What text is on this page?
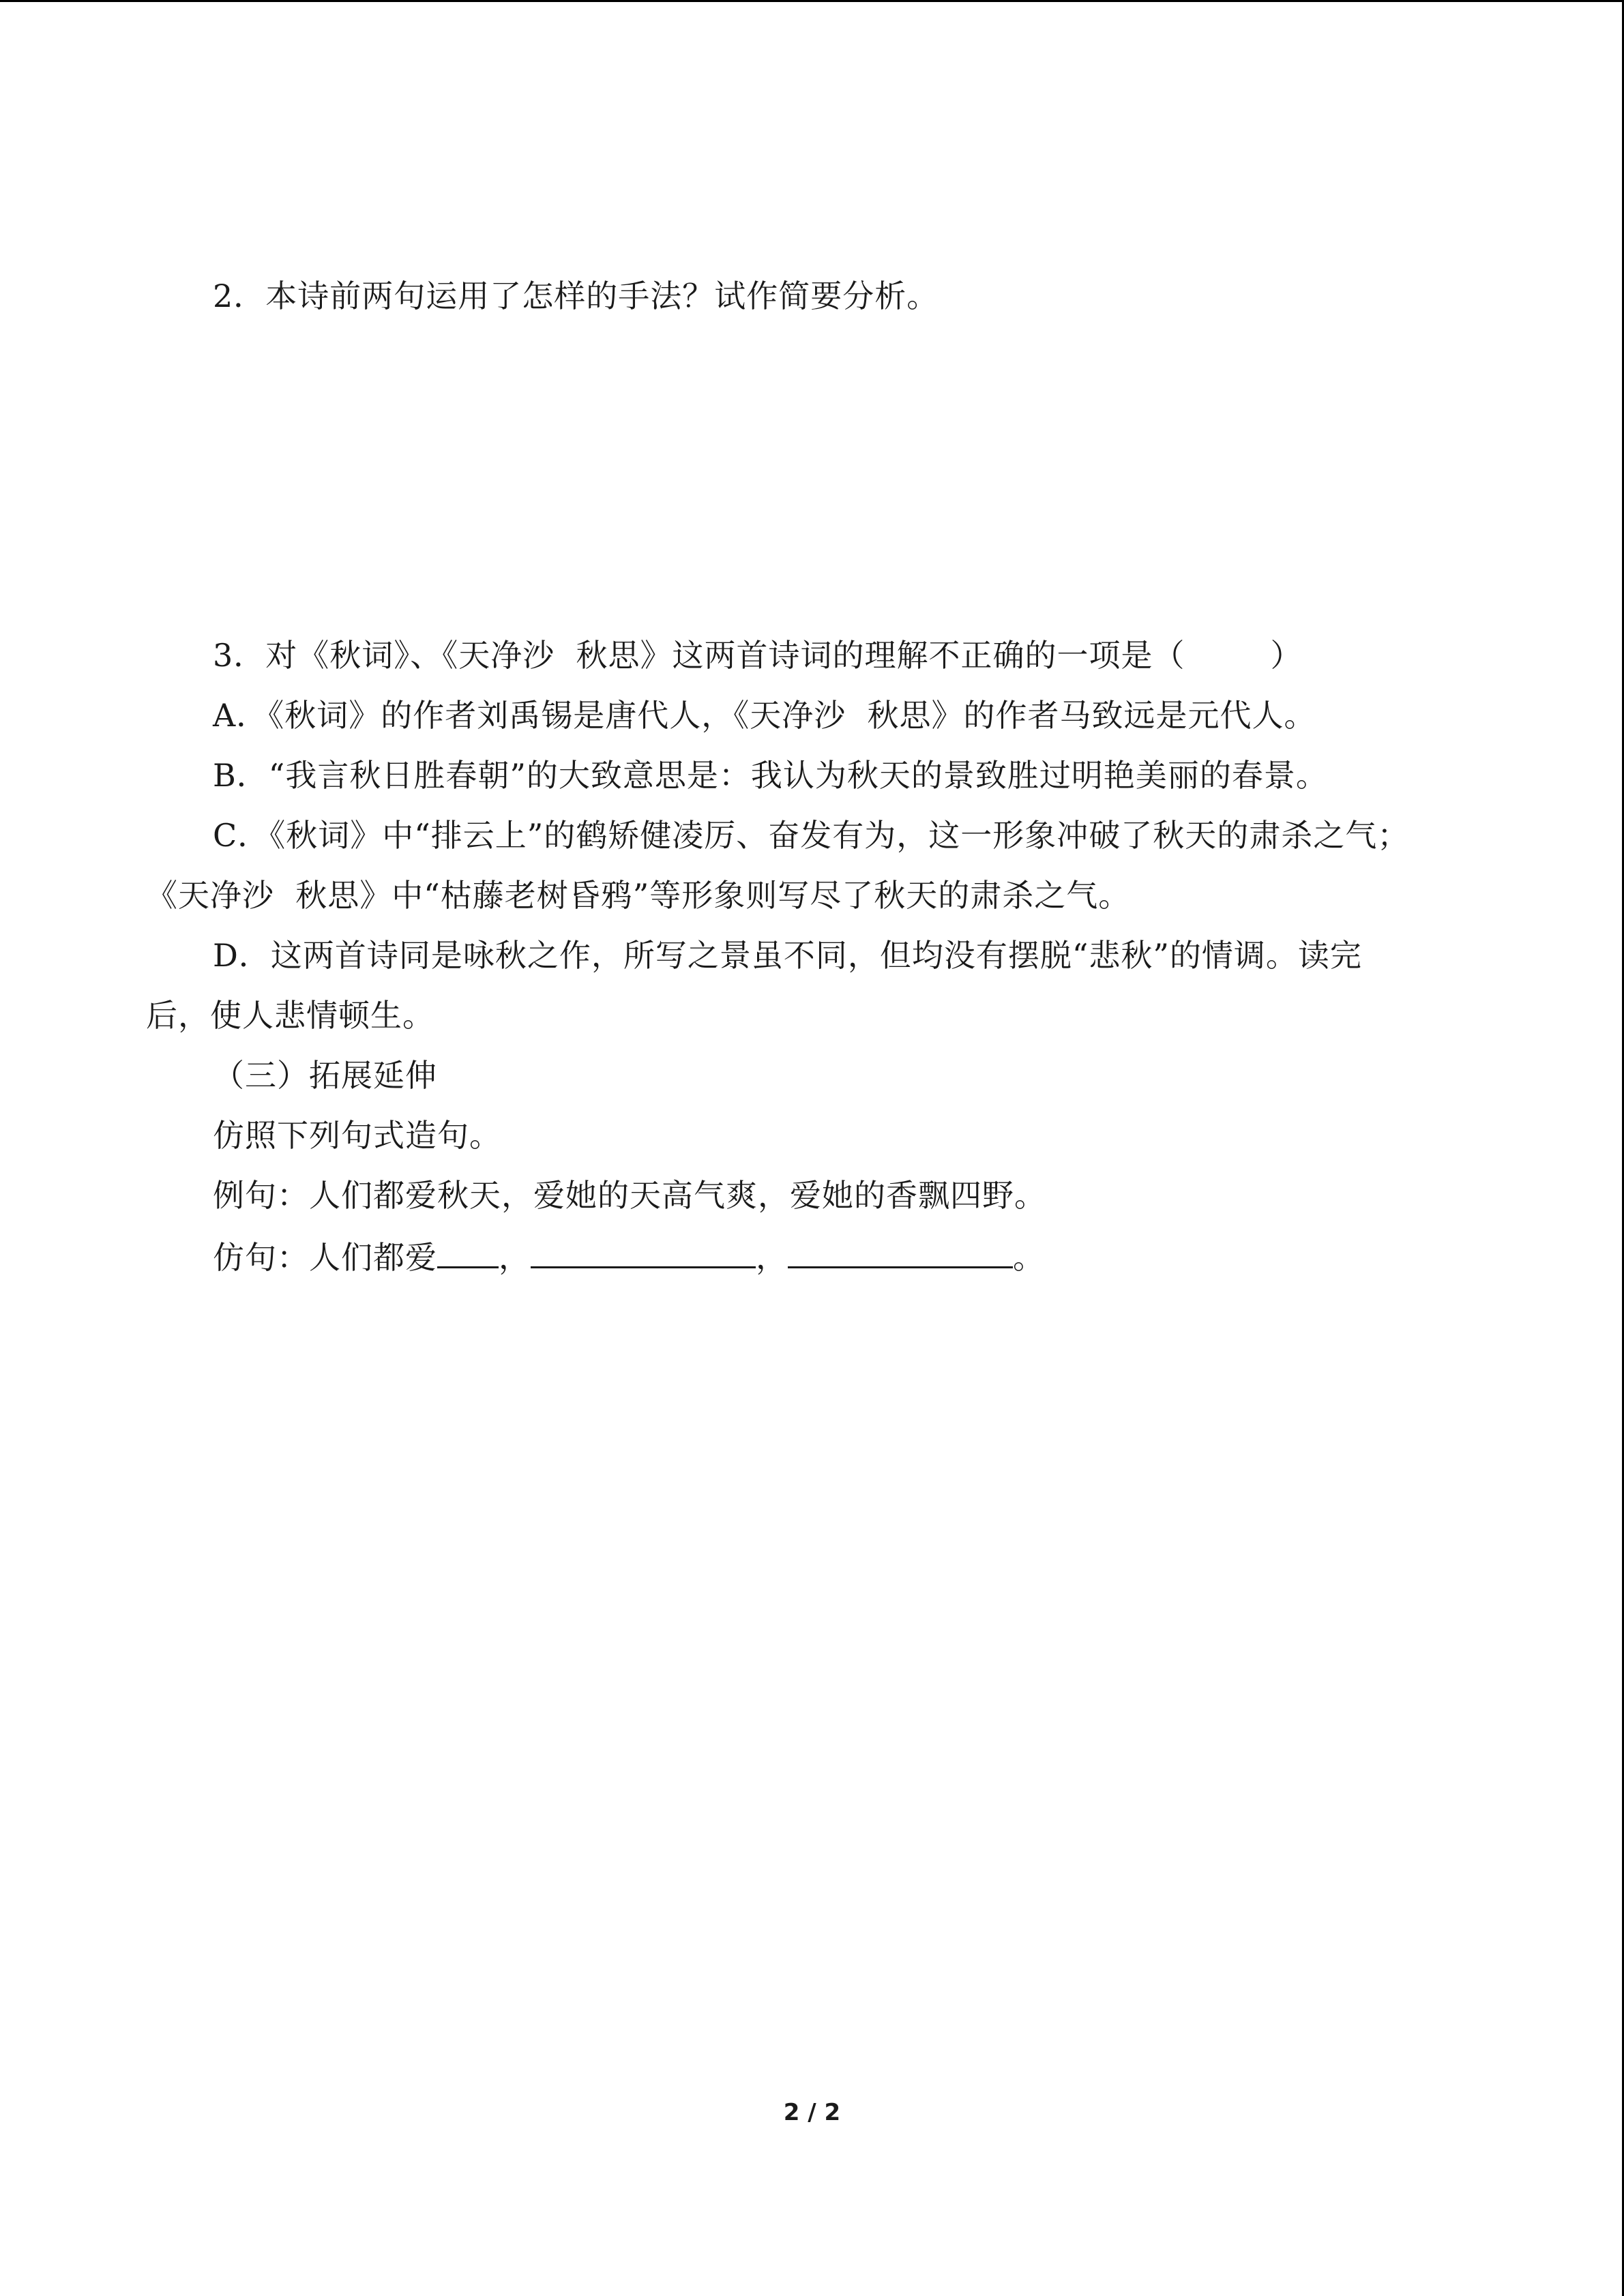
2．本诗前两句运用了怎样的手法？试作简要分析。
3．对《秋词》、《天净沙  秋思》这两首诗词的理解不正确的一项是（        ）
A．《秋词》的作者刘禹锡是唐代人，《天净沙  秋思》的作者马致远是元代人。
B．“我言秋日胜春朝”的大致意思是：我认为秋天的景致胜过明艳美丽的春景。
C．《秋词》中“排云上”的鹤矫健凌厉、奋发有为，这一形象冲破了秋天的肃杀之气；
《天净沙  秋思》中“枯藤老树昏鸦”等形象则写尽了秋天的肃杀之气。
D．这两首诗同是咏秋之作，所写之景虽不同，但均没有摆脱“悲秋”的情调。读完
后，使人悲情顿生。
（三）拓展延伸
仿照下列句式造句。
例句：人们都爱秋天，爱她的天高气爽，爱她的香飘四野。
仿句：人们都爱 ，	，	。
2 / 2
